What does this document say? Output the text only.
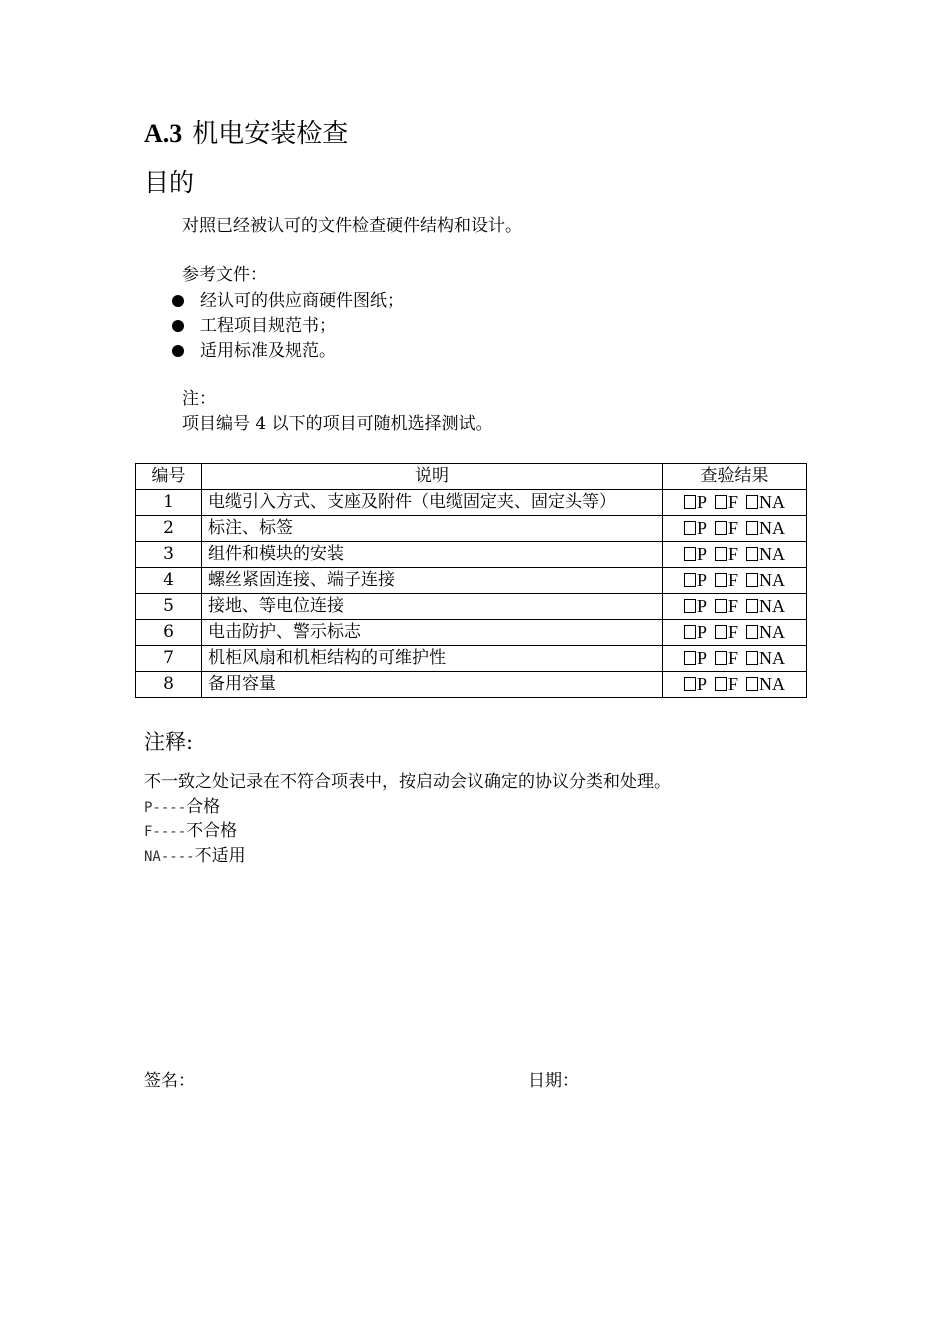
A.3 机电安装检查
目的
对照已经被认可的文件检查硬件结构和设计。
参考文件：
经认可的供应商硬件图纸；
工程项目规范书；
适用标准及规范。
注：
项目编号 4 以下的项目可随机选择测试。
编号	说明	查验结果
1	电缆引入方式、支座及附件（电缆固定夹、固定头等）	P F NA
2	标注、标签	P F NA
3	组件和模块的安装	P F NA
4	螺丝紧固连接、端子连接	P F NA
5	接地、等电位连接	P F NA
6	电击防护、警示标志	P F NA
7	机柜风扇和机柜结构的可维护性	P F NA
8	备用容量	P F NA
注释:
不一致之处记录在不符合项表中，按启动会议确定的协议分类和处理。
P----合格
F----不合格
NA----不适用
签名：	日期：
